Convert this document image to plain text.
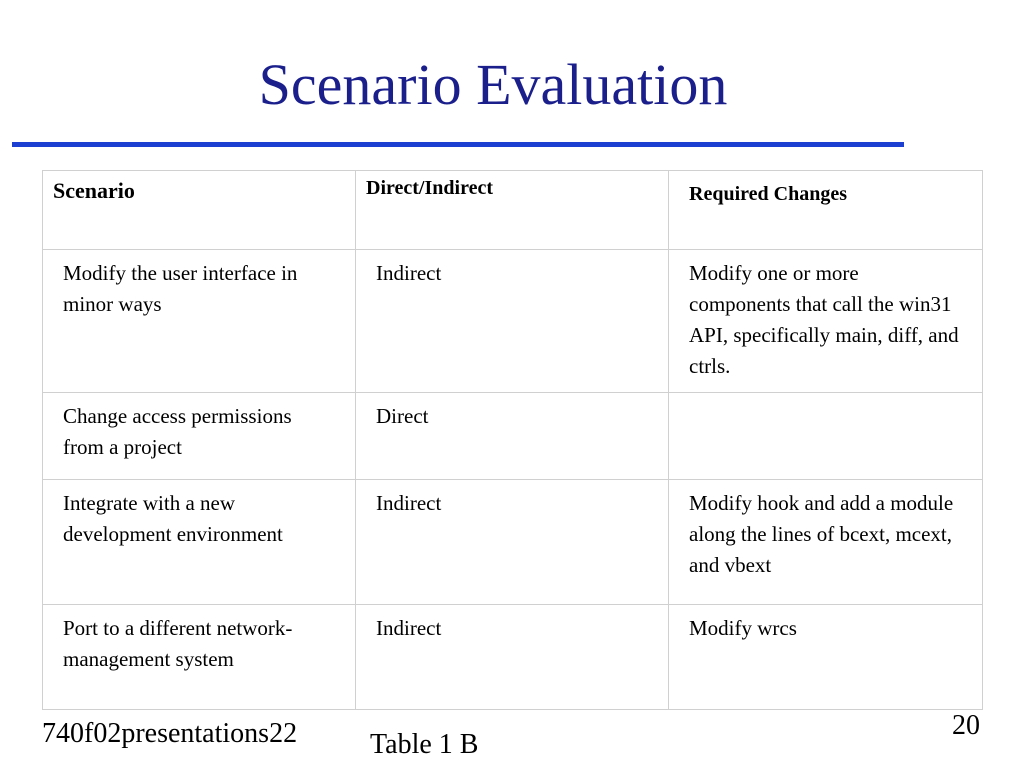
Scenario Evaluation
Scenario	Direct/Indirect	Required Changes
Modify the user interface in minor ways	Indirect	Modify one or more components that call the win31 API, specifically main, diff, and ctrls.
Change access permissions from a project	Direct	
Integrate with a new development environment	Indirect	Modify hook and add a module along the lines of bcext, mcext, and vbext
Port to a different network-management system	Indirect	Modify wrcs
740f02presentations22	Table 1 B
20
